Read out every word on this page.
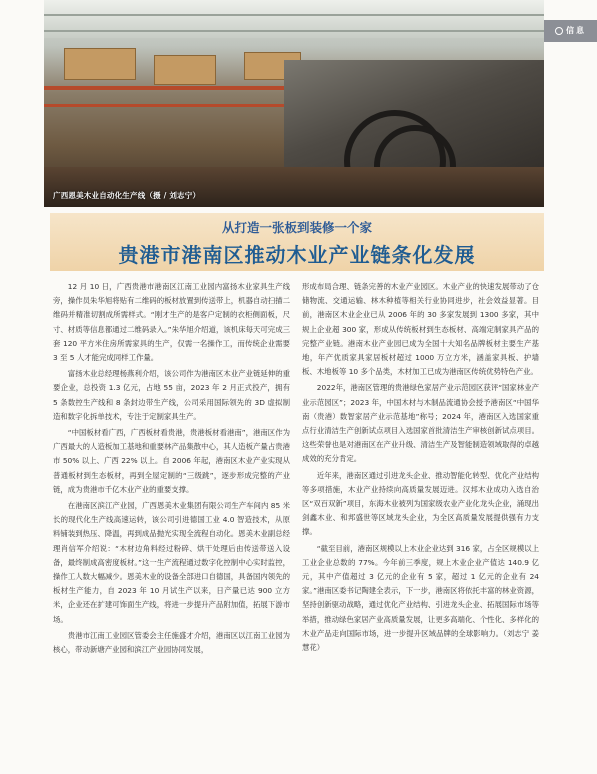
广西恩美木业自动化生产线（摄 / 刘志宁）
信息
从打造一张板到装修一个家
贵港市港南区推动木业产业链条化发展

12 月 10 日，广西贵港市港南区江南工业园内富扬木业家具生产线旁，操作员朱华旭将贴有二维码的板材放置到传送带上，机器自动扫描二维码并精准切割成所需样式。“刚才生产的是客户定制的衣柜侧面板，尺寸、材质等信息都通过二维码录入。”朱华旭介绍道，该机床每天可完成三套 120 平方米住房所需家具的生产，仅需一名操作工，而传统企业需要 3 至 5 人才能完成同样工作量。

富扬木业总经理杨燕利介绍，该公司作为港南区木业产业链延伸的重要企业，总投资 1.3 亿元，占地 55 亩，2023 年 2 月正式投产，拥有 5 条数控生产线和 8 条封边带生产线，公司采用国际领先的 3D 虚拟制造和数字化拆单技术，专注于定制家具生产。

“中国板材看广西，广西板材看贵港，贵港板材看港南”，港南区作为广西最大的人造板加工基地和重要林产品集散中心，其人造板产量占贵港市 50% 以上、广西 22% 以上。自 2006 年起，港南区木业产业实现从普通板材到生态板材，再到全屋定制的“三级跳”，逐步形成完整的产业链，成为贵港市千亿木业产业的重要支撑。

在港南区滨江产业园，广西恩美木业集团有限公司生产车间内 85 米长的现代化生产线高速运转，该公司引进德国工业 4.0 智造技术，从原料铺装到热压、降温，再到成品抛光实现全流程自动化。恩美木业副总经理肖信军介绍说：“木材边角料经过粉碎、烘干处理后由传送带送入设备，最终制成高密度板材。”这一生产流程通过数字化控制中心实时监控，操作工人数大幅减少。恩美木业的设备全部进口自德国，具备国内领先的板材生产能力，自 2023 年 10 月试生产以来，日产量已达 900 立方米，企业还在扩建可饰面生产线，将进一步提升产品附加值，拓展下游市场。

贵港市江南工业园区管委会主任施盛才介绍，港南区以江南工业园为核心，带动新塘产业园和滨江产业园协同发展，

形成布局合理、链条完善的木业产业园区。木业产业的快速发展带动了仓储物流、交通运输、林木种植等相关行业协同进步，社会效益显著。目前，港南区木业企业已从 2006 年的 30 多家发展到 1300 多家，其中规上企业超 300 家，形成从传统板材到生态板材、高端定制家具产品的完整产业链。港南木业产业园已成为全国十大知名品牌板材主要生产基地，年产优质家具家居板材超过 1000 万立方米，涵盖家具板、护墙板、木地板等 10 多个品类，木材加工已成为港南区传统优势特色产业。

2022年，港南区管理的贵港绿色家居产业示范园区获评“国家林业产业示范园区”；2023 年，中国木材与木制品流通协会授予港南区“中国华南（贵港）数智家居产业示范基地”称号；2024 年，港南区入选国家重点行业清洁生产创新试点项目入选国家首批清洁生产审核创新试点项目。这些荣誉也是对港南区在产业升级、清洁生产及智能制造领域取得的卓越成效的充分肯定。

近年来，港南区通过引进龙头企业、推动智能化转型、优化产业结构等多项措施，木业产业持续向高质量发展迈进。汉邦木业成功入选自治区“双百双新”项目，东海木业被列为国家级农业产业化龙头企业，涌现出剑鑫木业、和邦盛世等区域龙头企业，为全区高质量发展提供强有力支撑。

“截至目前，港南区规模以上木业企业达到 316 家，占全区规模以上工业企业总数的 77%。今年前三季度，规上木业企业产值达 140.9 亿元，其中产值超过 3 亿元的企业有 5 家，超过 1 亿元的企业有 24 家。”港南区委书记陶建全表示，下一步，港南区将依托丰富的林业资源，坚持创新驱动战略，通过优化产业结构、引进龙头企业、拓展国际市场等举措，推动绿色家居产业高质量发展，让更多高端化、个性化、多样化的木业产品走向国际市场，进一步提升区域品牌的全球影响力。（刘志宁 姜慧花）
